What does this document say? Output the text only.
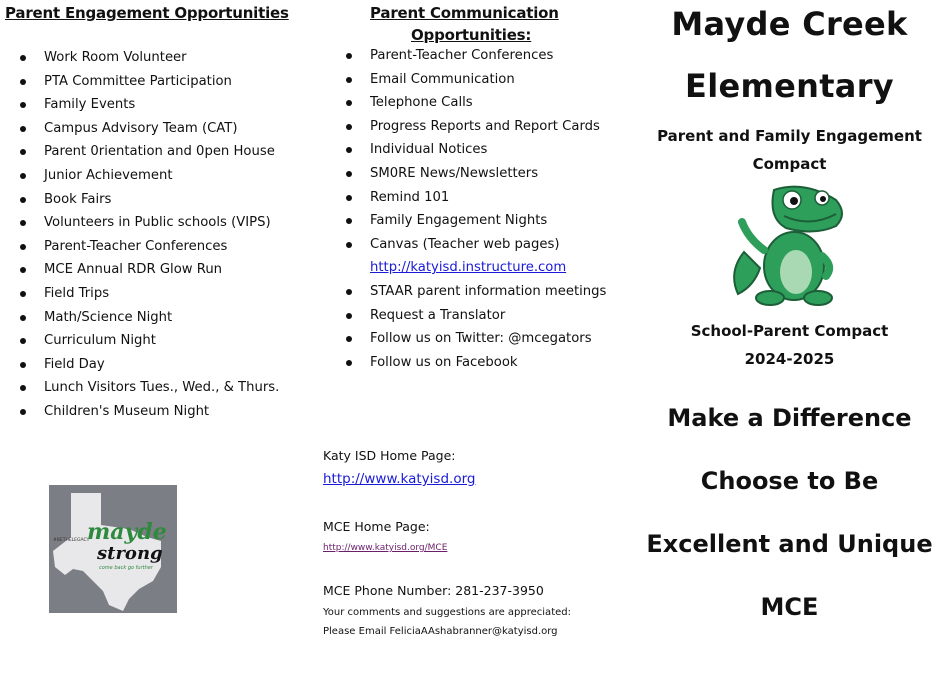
Parent Engagement Opportunities
Work Room Volunteer
PTA Committee Participation
Family Events
Campus Advisory Team (CAT)
Parent 0rientation and 0pen House
Junior Achievement
Book Fairs
Volunteers in Public schools (VIPS)
Parent-Teacher Conferences
MCE Annual RDR Glow Run
Field Trips
Math/Science Night
Curriculum Night
Field Day
Lunch Visitors Tues., Wed., & Thurs.
Children's Museum Night
#BETHELEGACY
mayde
strong
come back go further
Parent Communication
Opportunities:
Parent-Teacher Conferences
Email Communication
Telephone Calls
Progress Reports and Report Cards
Individual Notices
SM0RE News/Newsletters
Remind 101
Family Engagement Nights
Canvas (Teacher web pages)
http://katyisd.instructure.com
STAAR parent information meetings
Request a Translator
Follow us on Twitter: @mcegators
Follow us on Facebook
Katy ISD Home Page:
http://www.katyisd.org
MCE Home Page:
http://www.katyisd.org/MCE
MCE Phone Number: 281-237-3950
Your comments and suggestions are appreciated:
Please Email FeliciaAAshabranner@katyisd.org
Mayde Creek
Elementary
Parent and Family Engagement
Compact
School-Parent Compact
2024-2025
Make a Difference
Choose to Be
Excellent and Unique
MCE
